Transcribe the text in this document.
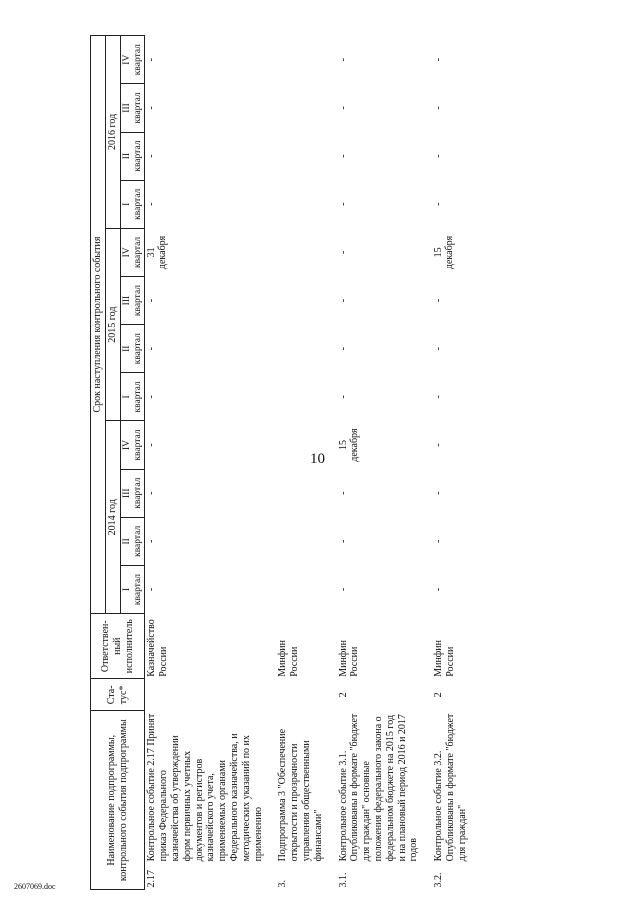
10
Наименование подпрограммы, контрольного события подпрограммы		Ста-тус*	Ответствен-ный исполнитель	Срок наступления контрольного события											
				2014 год				2015 год				2016 год			

				I квартал	II квартал	III квартал	IV квартал	I квартал	II квартал	III квартал	IV квартал	I квартал	II квартал	III квартал	IV квартал
2.17	Контрольное событие 2.17 Принят приказ Федерального казначейства об утверждении форм первичных учетных документов и регистров казначейского учета, применяемых органами Федерального казначейства, и методических указаний по их применению		Казначейство России	-	-	-	-	-	-	-	31 декабря	-	-	-	-
3.	Подпрограмма 3 "Обеспечение открытости и прозрачности управления общественными финансами"		Минфин России												
3.1.	Контрольное событие 3.1. Опубликованы в формате "бюджет для граждан" основные положения федерального закона о федеральном бюджете на 2015 год и на плановый период 2016 и 2017 годов	2	Минфин России	-	-	-	15 декабря	-	-	-	-	-	-	-	-
3.2.	Контрольное событие 3.2. Опубликованы в формате "бюджет для граждан"	2	Минфин России	-	-	-	-	-	-	-	15 декабря	-	-	-	-
2607069.doc
